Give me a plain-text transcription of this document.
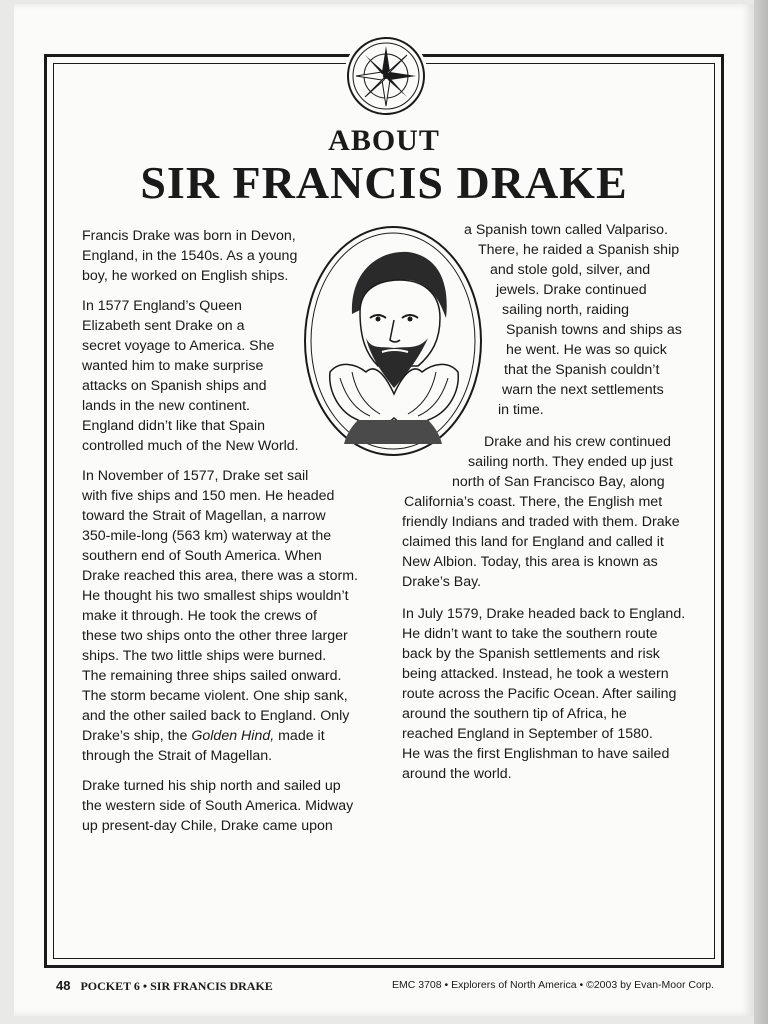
ABOUT
SIR FRANCIS DRAKE

Francis Drake was born in Devon,
England, in the 1540s. As a young
boy, he worked on English ships.

In 1577 England’s Queen
Elizabeth sent Drake on a
secret voyage to America. She
wanted him to make surprise
attacks on Spanish ships and
lands in the new continent.
England didn’t like that Spain
controlled much of the New World.

In November of 1577, Drake set sail
with five ships and 150 men. He headed
toward the Strait of Magellan, a narrow
350-mile-long (563 km) waterway at the
southern end of South America. When
Drake reached this area, there was a storm.
He thought his two smallest ships wouldn’t
make it through. He took the crews of
these two ships onto the other three larger
ships. The two little ships were burned.
The remaining three ships sailed onward.
The storm became violent. One ship sank,
and the other sailed back to England. Only
Drake’s ship, the Golden Hind, made it
through the Strait of Magellan.

Drake turned his ship north and sailed up
the western side of South America. Midway
up present-day Chile, Drake came upon

a Spanish town called Valpariso.
There, he raided a Spanish ship
and stole gold, silver, and
jewels. Drake continued
sailing north, raiding
Spanish towns and ships as
he went. He was so quick
that the Spanish couldn’t
warn the next settlements
in time.
Drake and his crew continued
sailing north. They ended up just
north of San Francisco Bay, along
California’s coast. There, the English met
friendly Indians and traded with them. Drake
claimed this land for England and called it
New Albion. Today, this area is known as
Drake’s Bay.

In July 1579, Drake headed back to England.
He didn’t want to take the southern route
back by the Spanish settlements and risk
being attacked. Instead, he took a western
route across the Pacific Ocean. After sailing
around the southern tip of Africa, he
reached England in September of 1580.
He was the first Englishman to have sailed
around the world.

48 POCKET 6 • SIR FRANCIS DRAKE	EMC 3708 • Explorers of North America • ©2003 by Evan-Moor Corp.
